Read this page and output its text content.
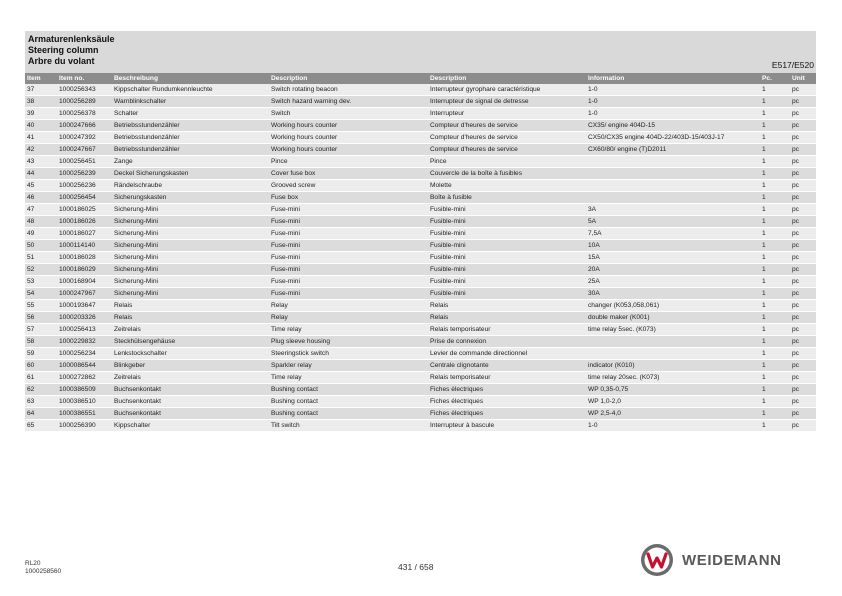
Armaturenlenksäule
Steering column
Arbre du volant	E517/E520
Item	Item no.	Beschreibung	Description	Description	Information	Pc.	Unit
37	1000256343	Kippschalter Rundumkennleuchte	Switch rotating beacon	Interrupteur gyrophare caractéristique	1-0	1	pc
38	1000256289	Warnblinkschalter	Switch hazard warning dev.	Interrupteur de signal de detresse	1-0	1	pc
39	1000256378	Schalter	Switch	Interrupteur	1-0	1	pc
40	1000247666	Betriebsstundenzähler	Working hours counter	Compteur d'heures de service	CX35/ engine 404D-15	1	pc
41	1000247392	Betriebsstundenzähler	Working hours counter	Compteur d'heures de service	CX50/CX35 engine 404D-22/403D-15/403J-17	1	pc
42	1000247667	Betriebsstundenzähler	Working hours counter	Compteur d'heures de service	CX60/80/ engine (T)D2011	1	pc
43	1000256451	Zange	Pince	Pince		1	pc
44	1000256239	Deckel Sicherungskasten	Cover fuse box	Couvercle de la boîte à fusibles		1	pc
45	1000256236	Rändelschraube	Grooved screw	Molette		1	pc
46	1000256454	Sicherungskasten	Fuse box	Boîte à fusible		1	pc
47	1000186025	Sicherung-Mini	Fuse-mini	Fusible-mini	3A	1	pc
48	1000186026	Sicherung-Mini	Fuse-mini	Fusible-mini	5A	1	pc
49	1000186027	Sicherung-Mini	Fuse-mini	Fusible-mini	7,5A	1	pc
50	1000114140	Sicherung-Mini	Fuse-mini	Fusible-mini	10A	1	pc
51	1000186028	Sicherung-Mini	Fuse-mini	Fusible-mini	15A	1	pc
52	1000186029	Sicherung-Mini	Fuse-mini	Fusible-mini	20A	1	pc
53	1000168904	Sicherung-Mini	Fuse-mini	Fusible-mini	25A	1	pc
54	1000247967	Sicherung-Mini	Fuse-mini	Fusible-mini	30A	1	pc
55	1000193647	Relais	Relay	Relais	changer (K053,058,061)	1	pc
56	1000203326	Relais	Relay	Relais	double maker (K001)	1	pc
57	1000256413	Zeitrelais	Time relay	Relais temporisateur	time relay 5sec. (K073)	1	pc
58	1000229832	Steckhülsengehäuse	Plug sleeve housing	Prise de connexion		1	pc
59	1000256234	Lenkstockschalter	Steeringstick switch	Levier de commande directionnel		1	pc
60	1000086544	Blinkgeber	Sparkler relay	Centrale clignotante	indicator (K010)	1	pc
61	1000272862	Zeitrelais	Time relay	Relais temporisateur	time relay 20sec. (K073)	1	pc
62	1000386509	Buchsenkontakt	Bushing contact	Fiches électriques	WP 0,35-0,75	1	pc
63	1000386510	Buchsenkontakt	Bushing contact	Fiches électriques	WP 1,0-2,0	1	pc
64	1000386551	Buchsenkontakt	Bushing contact	Fiches électriques	WP 2,5-4,0	1	pc
65	1000256390	Kippschalter	Tilt switch	Interrupteur à bascule	1-0	1	pc
RL20
1000258560	431 / 658	WEIDEMANN
